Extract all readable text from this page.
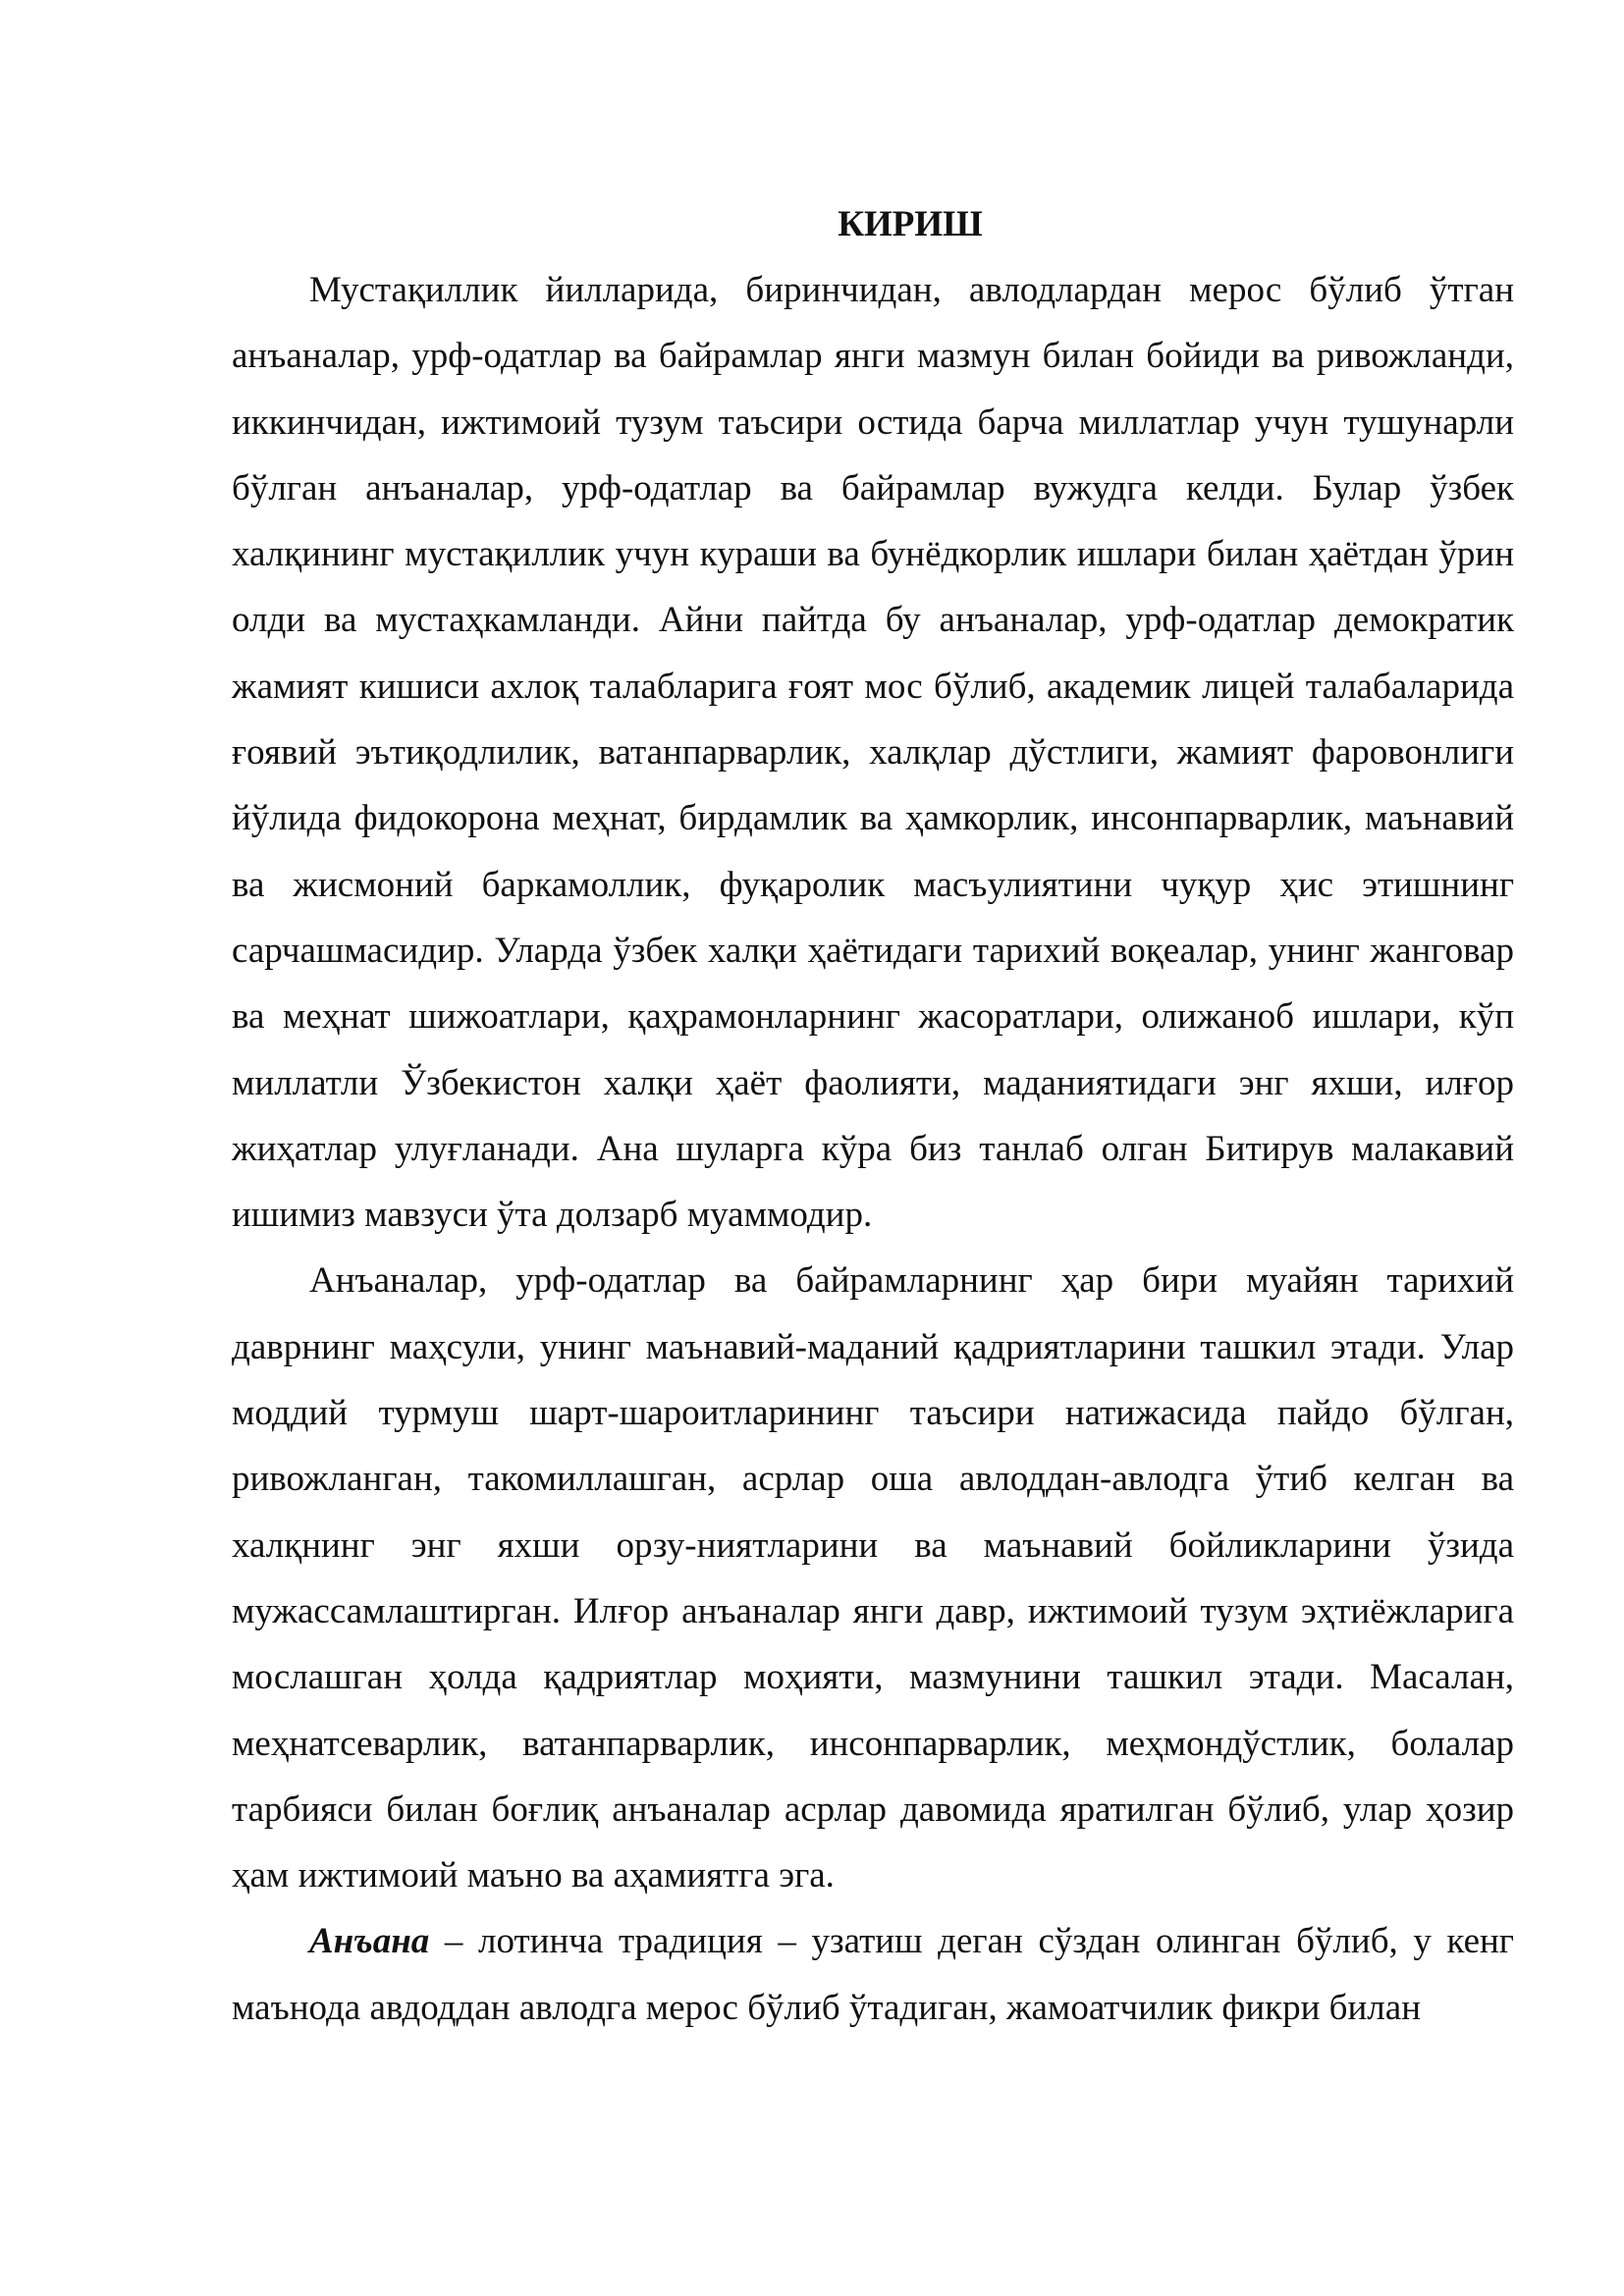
КИРИШ

Мустақиллик йилларида, биринчидан, авлодлардан мерос бўлиб ўтган анъаналар, урф-одатлар ва байрамлар янги мазмун билан бойиди ва ривожланди, иккинчидан, ижтимоий тузум таъсири остида барча миллатлар учун тушунарли бўлган анъаналар, урф-одатлар ва байрамлар вужудга келди. Булар ўзбек халқининг мустақиллик учун кураши ва бунёдкорлик ишлари билан ҳаётдан ўрин олди ва мустаҳкамланди. Айни пайтда бу анъаналар, урф-одатлар демократик жамият кишиси ахлоқ талабларига ғоят мос бўлиб, академик лицей талабаларида ғоявий эътиқодлилик, ватанпарварлик, халқлар дўстлиги, жамият фаровонлиги йўлида фидокорона меҳнат, бирдамлик ва ҳамкорлик, инсонпарварлик, маънавий ва жисмоний баркамоллик, фуқаролик масъулиятини чуқур ҳис этишнинг сарчашмасидир. Уларда ўзбек халқи ҳаётидаги тарихий воқеалар, унинг жанговар ва меҳнат шижоатлари, қаҳрамонларнинг жасоратлари, олижаноб ишлари, кўп миллатли Ўзбекистон халқи ҳаёт фаолияти, маданиятидаги энг яхши, илғор жиҳатлар улуғланади. Ана шуларга кўра биз танлаб олган Битирув малакавий ишимиз мавзуси ўта долзарб муаммодир.

Анъаналар, урф-одатлар ва байрамларнинг ҳар бири муайян тарихий даврнинг маҳсули, унинг маънавий-маданий қадриятларини ташкил этади. Улар моддий турмуш шарт-шароитларининг таъсири натижасида пайдо бўлган, ривожланган, такомиллашган, асрлар оша авлоддан-авлодга ўтиб келган ва халқнинг энг яхши орзу-ниятларини ва маънавий бойликларини ўзида мужассамлаштирган. Илғор анъаналар янги давр, ижтимоий тузум эҳтиёжларига мослашган ҳолда қадриятлар моҳияти, мазмунини ташкил этади. Масалан, меҳнатсеварлик, ватанпарварлик, инсонпарварлик, меҳмондўстлик, болалар тарбияси билан боғлиқ анъаналар асрлар давомида яратилган бўлиб, улар ҳозир ҳам ижтимоий маъно ва аҳамиятга эга.

Анъана – лотинча традиция – узатиш деган сўздан олинган бўлиб, у кенг маънода авдоддан авлодга мерос бўлиб ўтадиган, жамоатчилик фикри билан
